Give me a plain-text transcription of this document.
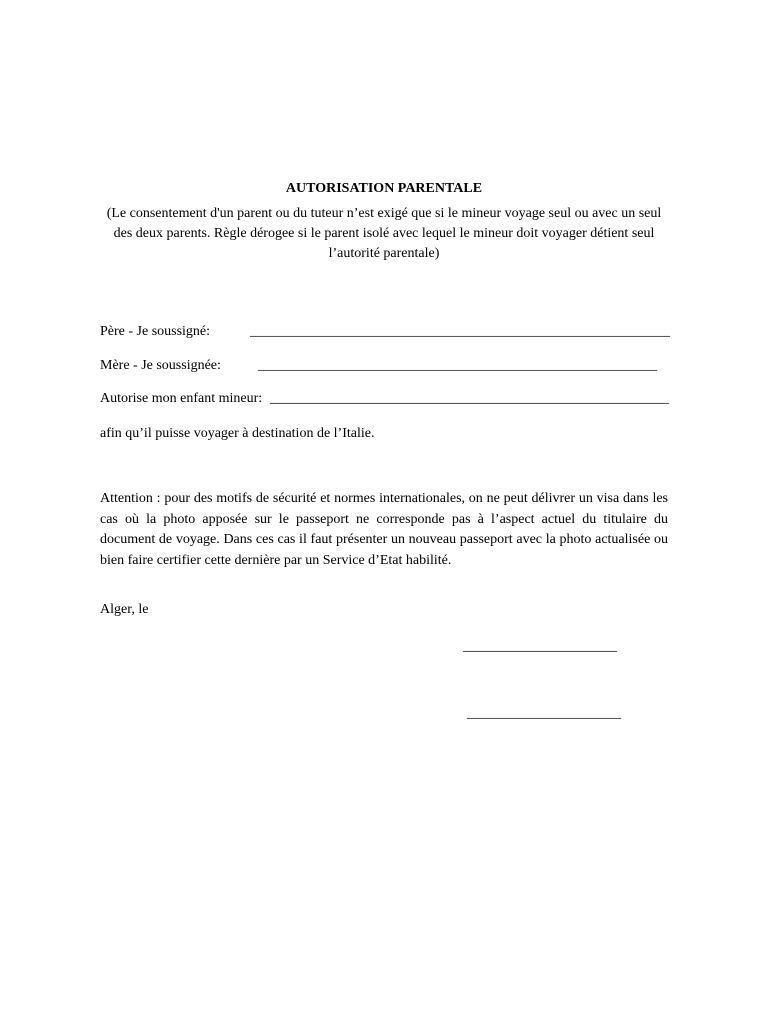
AUTORISATION PARENTALE
(Le consentement d'un parent ou du tuteur n’est exigé que si le mineur voyage seul ou avec un seul des deux parents. Règle dérogee si le parent isolé avec lequel le mineur doit voyager détient seul l’autorité parentale)
Père - Je soussigné:	____________________________________________________________
Mère - Je soussignée:	_________________________________________________________
Autorise mon enfant mineur: _________________________________________________________
afin qu’il puisse voyager à destination de l’Italie.
Attention : pour des motifs de sécurité et normes internationales, on ne peut délivrer un visa dans les cas où la photo apposée sur le passeport ne corresponde pas à l’aspect actuel du titulaire du document de voyage. Dans ces cas il faut présenter un nouveau passeport avec la photo actualisée ou bien faire certifier cette dernière par un Service d’Etat habilité.
Alger, le
______________________
______________________
